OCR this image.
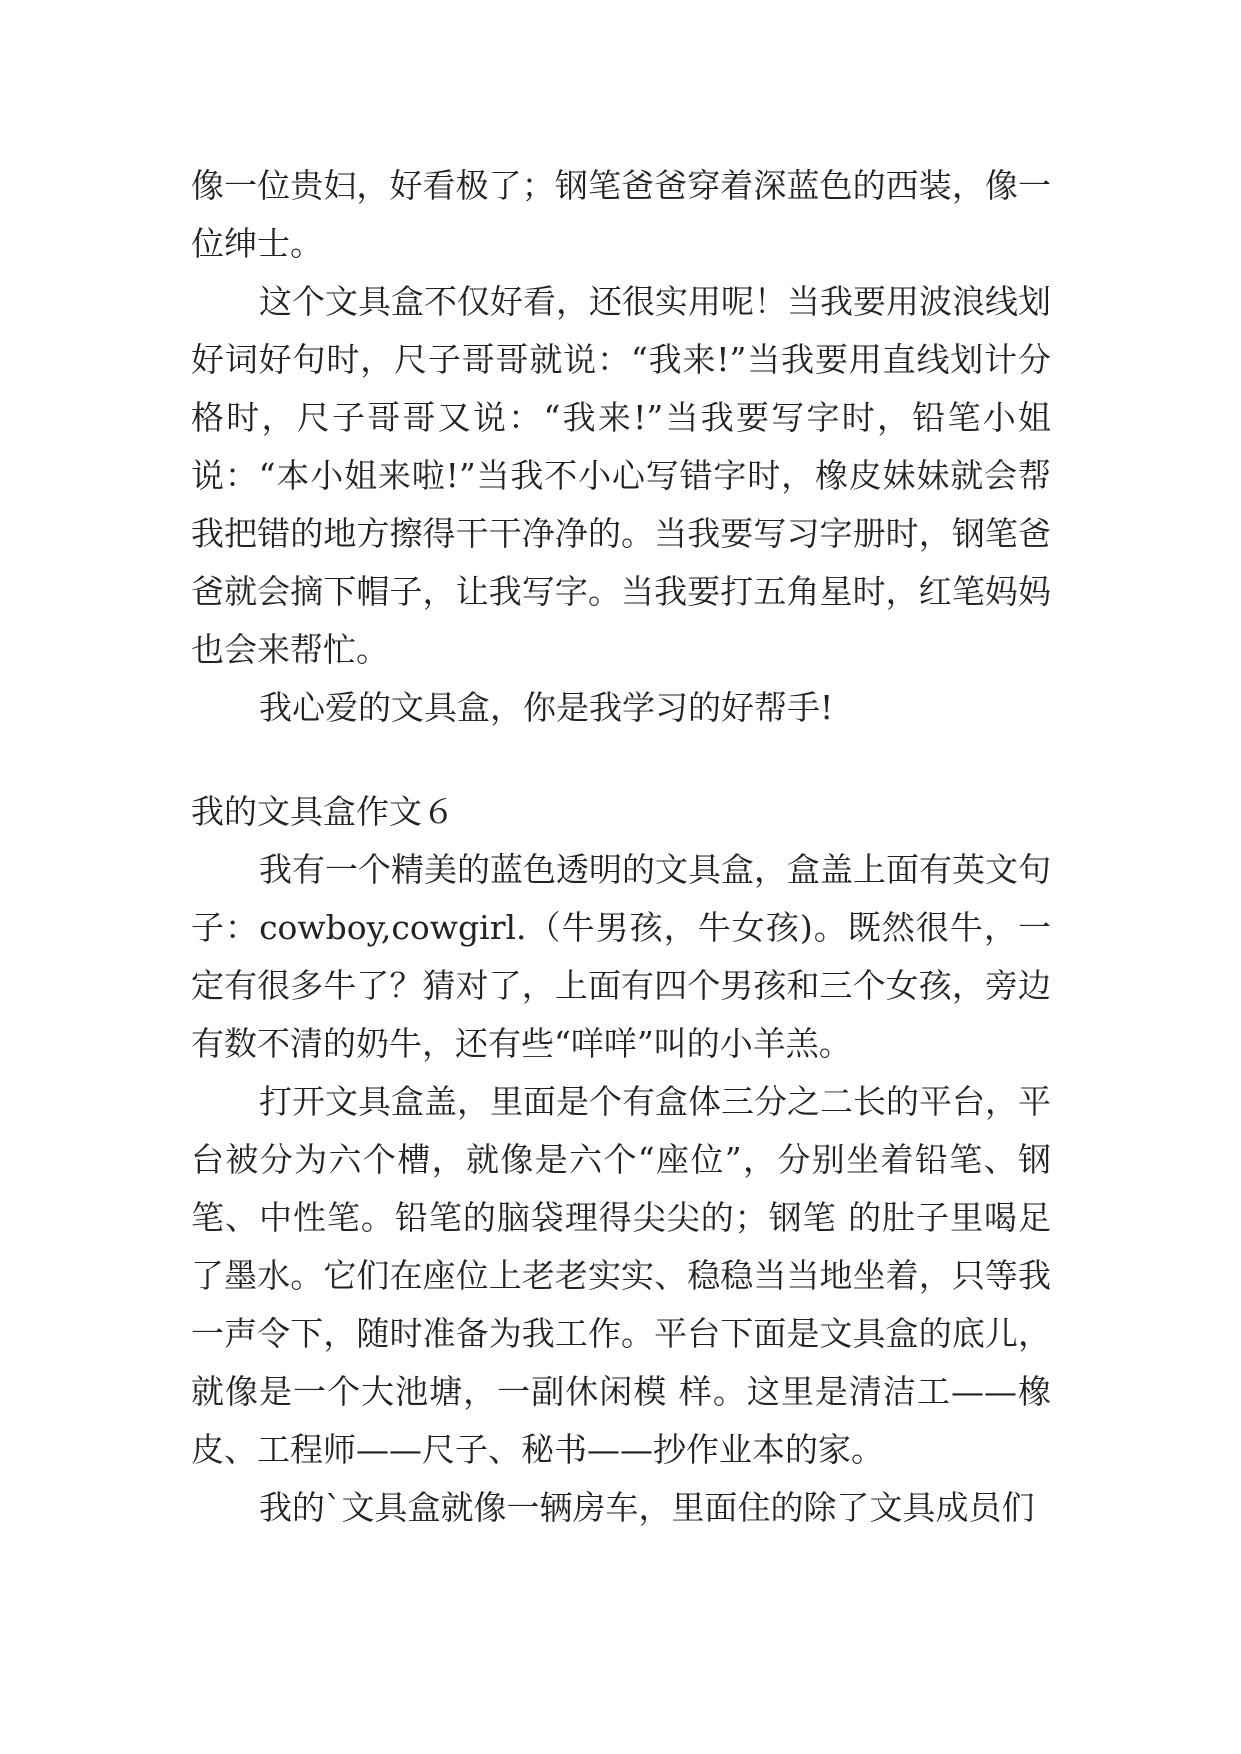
像一位贵妇，好看极了；钢笔爸爸穿着深蓝色的西装，像一位绅士。

这个文具盒不仅好看，还很实用呢！当我要用波浪线划好词好句时，尺子哥哥就说：“我来!”当我要用直线划计分格时，尺子哥哥又说：“我来!”当我要写字时，铅笔小姐说：“本小姐来啦!”当我不小心写错字时，橡皮妹妹就会帮我把错的地方擦得干干净净的。当我要写习字册时，钢笔爸爸就会摘下帽子，让我写字。当我要打五角星时，红笔妈妈也会来帮忙。

我心爱的文具盒，你是我学习的好帮手!

我的文具盒作文６

我有一个精美的蓝色透明的文具盒，盒盖上面有英文句子：cowboy,cowgirl.（牛男孩，牛女孩)。既然很牛，一定有很多牛了？猜对了，上面有四个男孩和三个女孩，旁边有数不清的奶牛，还有些“咩咩”叫的小羊羔。

打开文具盒盖，里面是个有盒体三分之二长的平台，平台被分为六个槽，就像是六个“座位”，分别坐着铅笔、钢笔、中性笔。铅笔的脑袋理得尖尖的；钢笔 的肚子里喝足了墨水。它们在座位上老老实实、稳稳当当地坐着，只等我一声令下，随时准备为我工作。平台下面是文具盒的底儿，就像是一个大池塘，一副休闲模 样。这里是清洁工——橡皮、工程师——尺子、秘书——抄作业本的家。

我的`文具盒就像一辆房车，里面住的除了文具成员们
